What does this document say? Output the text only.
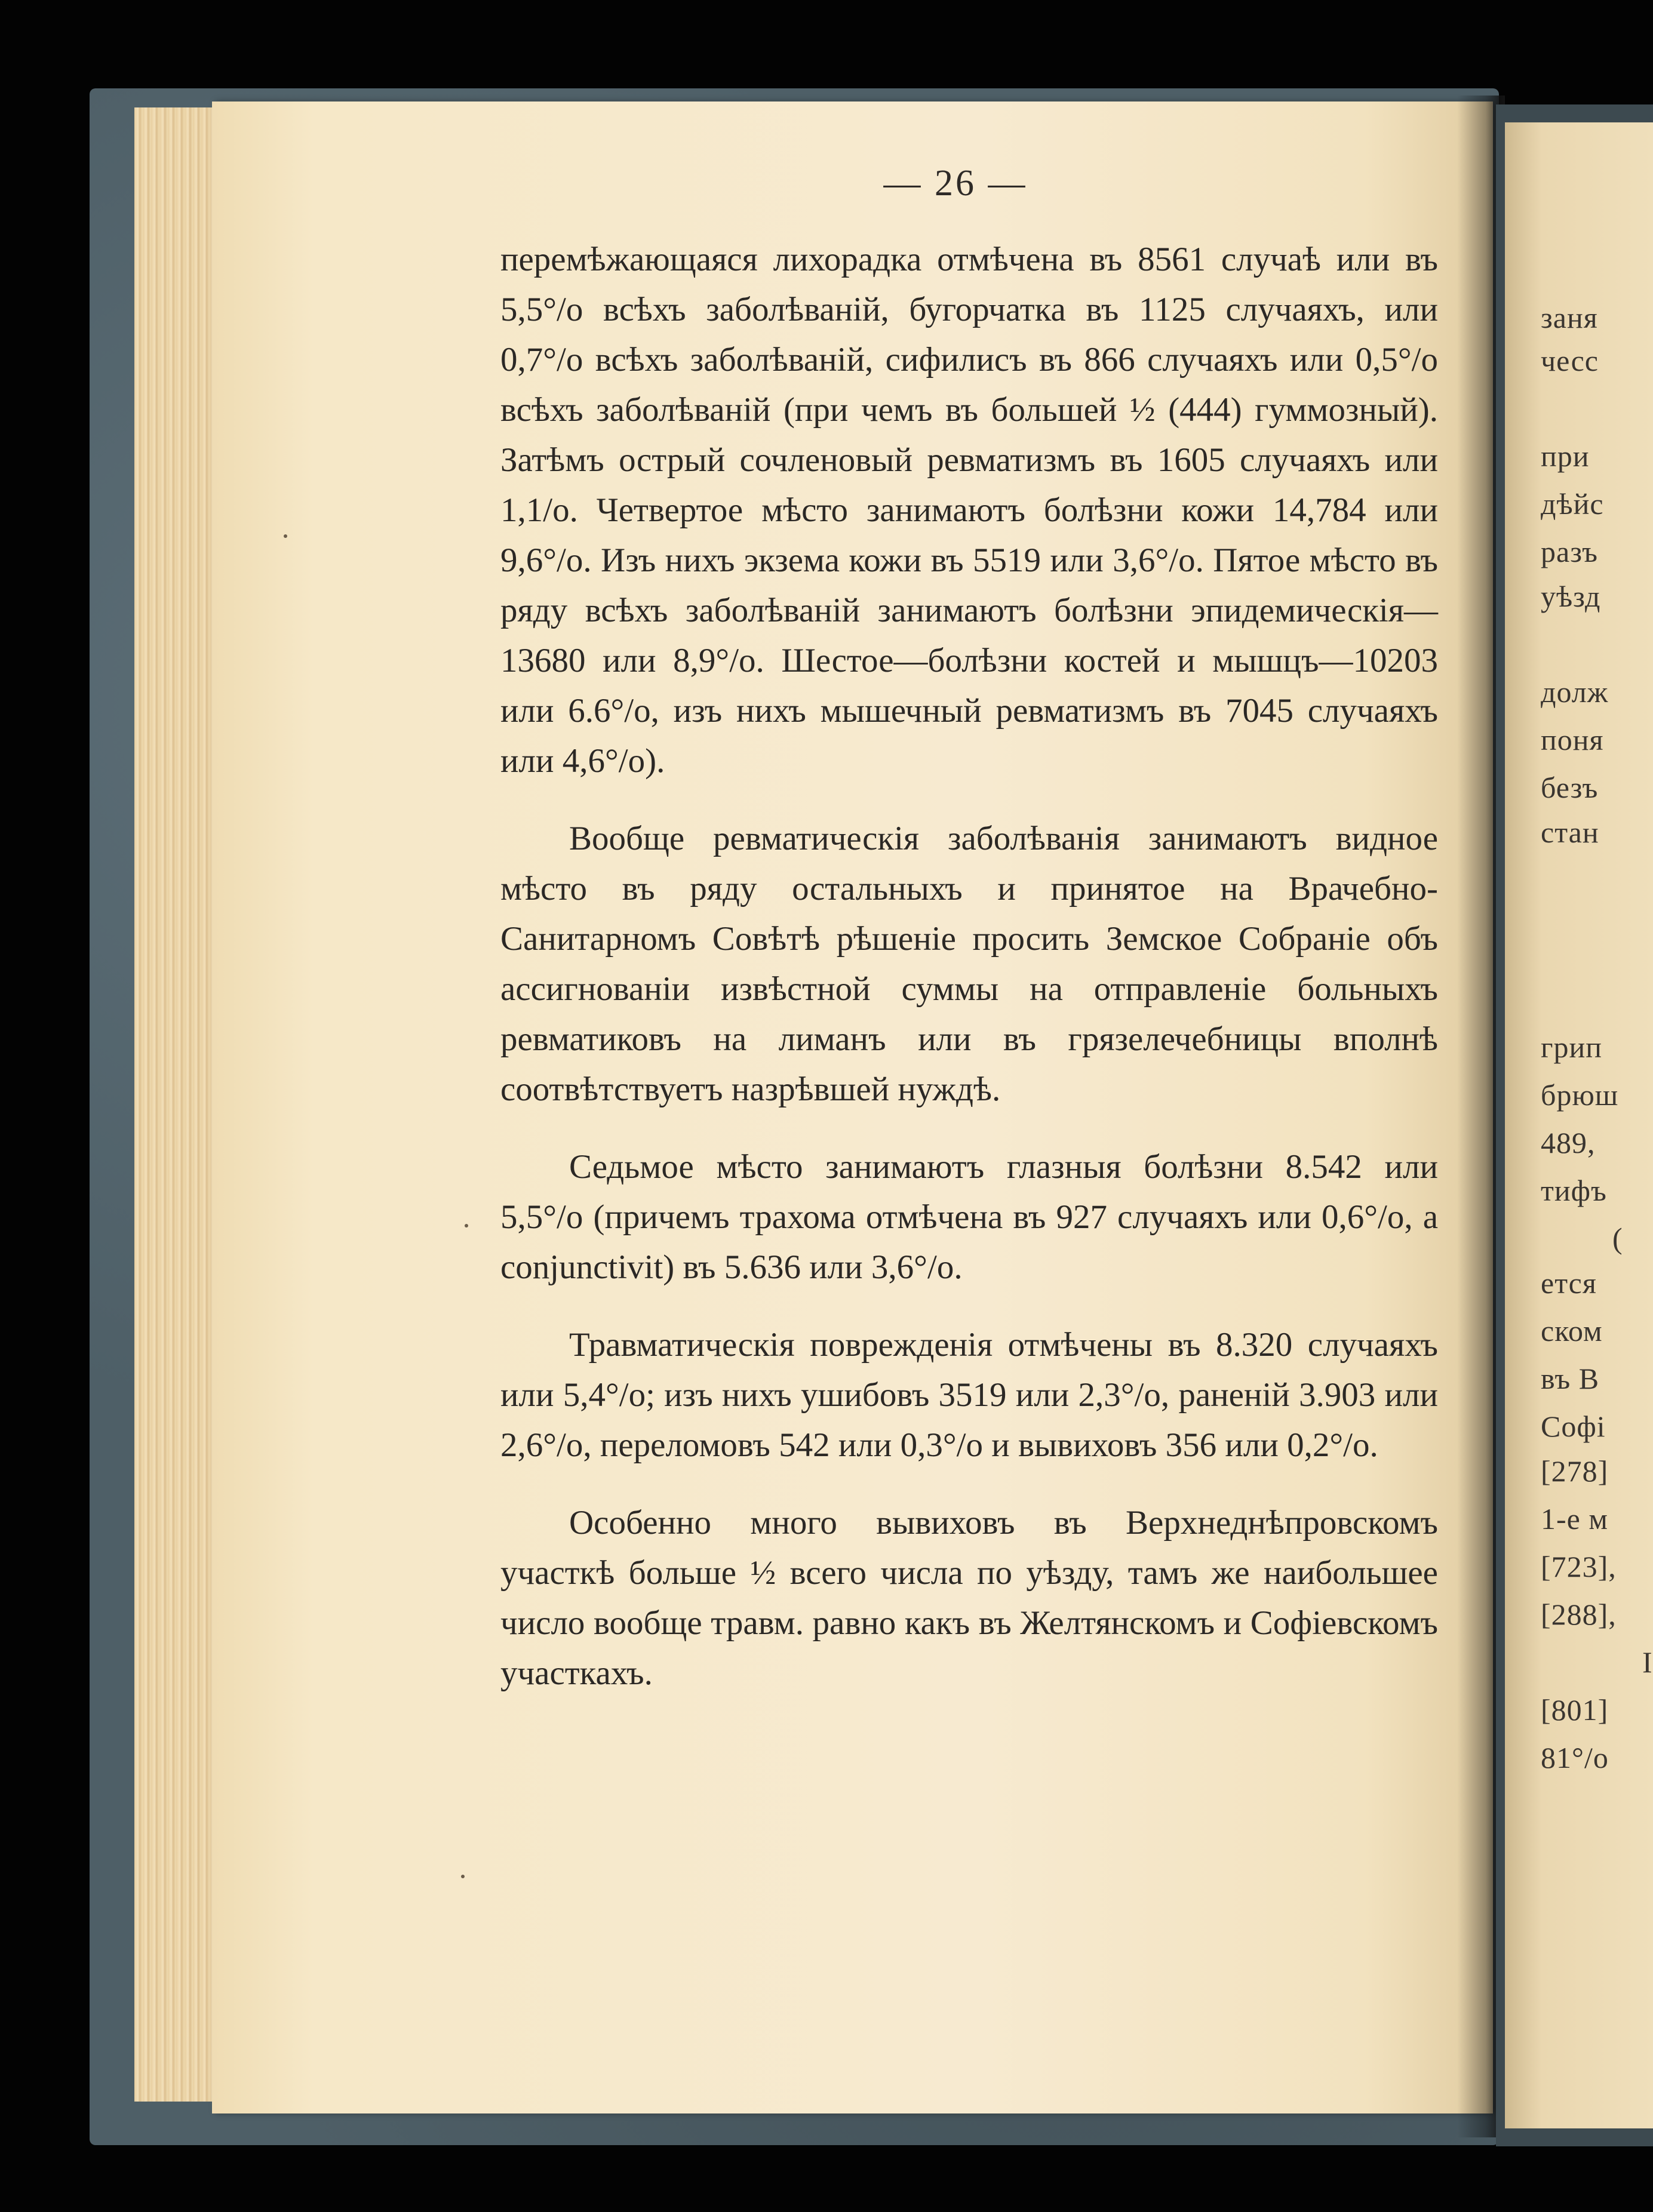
заня
чесс
при
дѣйс
разъ
уѣзд
долж
поня
безъ
стан
грип
брюш
489,
тифъ
(
ется
ском
въ В
Софі
[278]
1-е м
[723],
[288],
I
[801]
81°/o
— 26 —

перемѣжающаяся лихорадка отмѣчена въ 8561 случаѣ или въ 5,5°/o всѣхъ заболѣваній, бугорчатка въ 1125 случаяхъ, или 0,7°/o всѣхъ заболѣваній, сифилисъ въ 866 случаяхъ или 0,5°/o всѣхъ заболѣваній (при чемъ въ большей ½ (444) гуммозный). Затѣмъ острый сочленовый ревматизмъ въ 1605 случаяхъ или 1,1/o. Четвертое мѣсто занимаютъ болѣзни кожи 14,784 или 9,6°/o. Изъ нихъ экзема кожи въ 5519 или 3,6°/o. Пятое мѣсто въ ряду всѣхъ заболѣваній занимаютъ болѣзни эпидемическія—13680 или 8,9°/o. Шестое—болѣзни костей и мышцъ—10203 или 6.6°/o, изъ нихъ мышечный ревматизмъ въ 7045 случаяхъ или 4,6°/o).

Вообще ревматическія заболѣванія занимаютъ видное мѣсто въ ряду остальныхъ и принятое на Врачебно-Санитарномъ Совѣтѣ рѣшеніе просить Земское Собраніе объ ассигнованіи извѣстной суммы на отправленіе больныхъ ревматиковъ на лиманъ или въ грязелечебницы вполнѣ соотвѣтствуетъ назрѣвшей нуждѣ.

Седьмое мѣсто занимаютъ глазныя болѣзни 8.542 или 5,5°/o (причемъ трахома отмѣчена въ 927 случаяхъ или 0,6°/o, а conjunctivit) въ 5.636 или 3,6°/o.

Травматическія поврежденія отмѣчены въ 8.320 случаяхъ или 5,4°/o; изъ нихъ ушибовъ 3519 или 2,3°/o, раненій 3.903 или 2,6°/o, переломовъ 542 или 0,3°/o и вывиховъ 356 или 0,2°/o.

Особенно много вывиховъ въ Верхнеднѣпровскомъ участкѣ больше ½ всего числа по уѣзду, тамъ же наибольшее число вообще травм. равно какъ въ Желтянскомъ и Софіевскомъ участкахъ.
